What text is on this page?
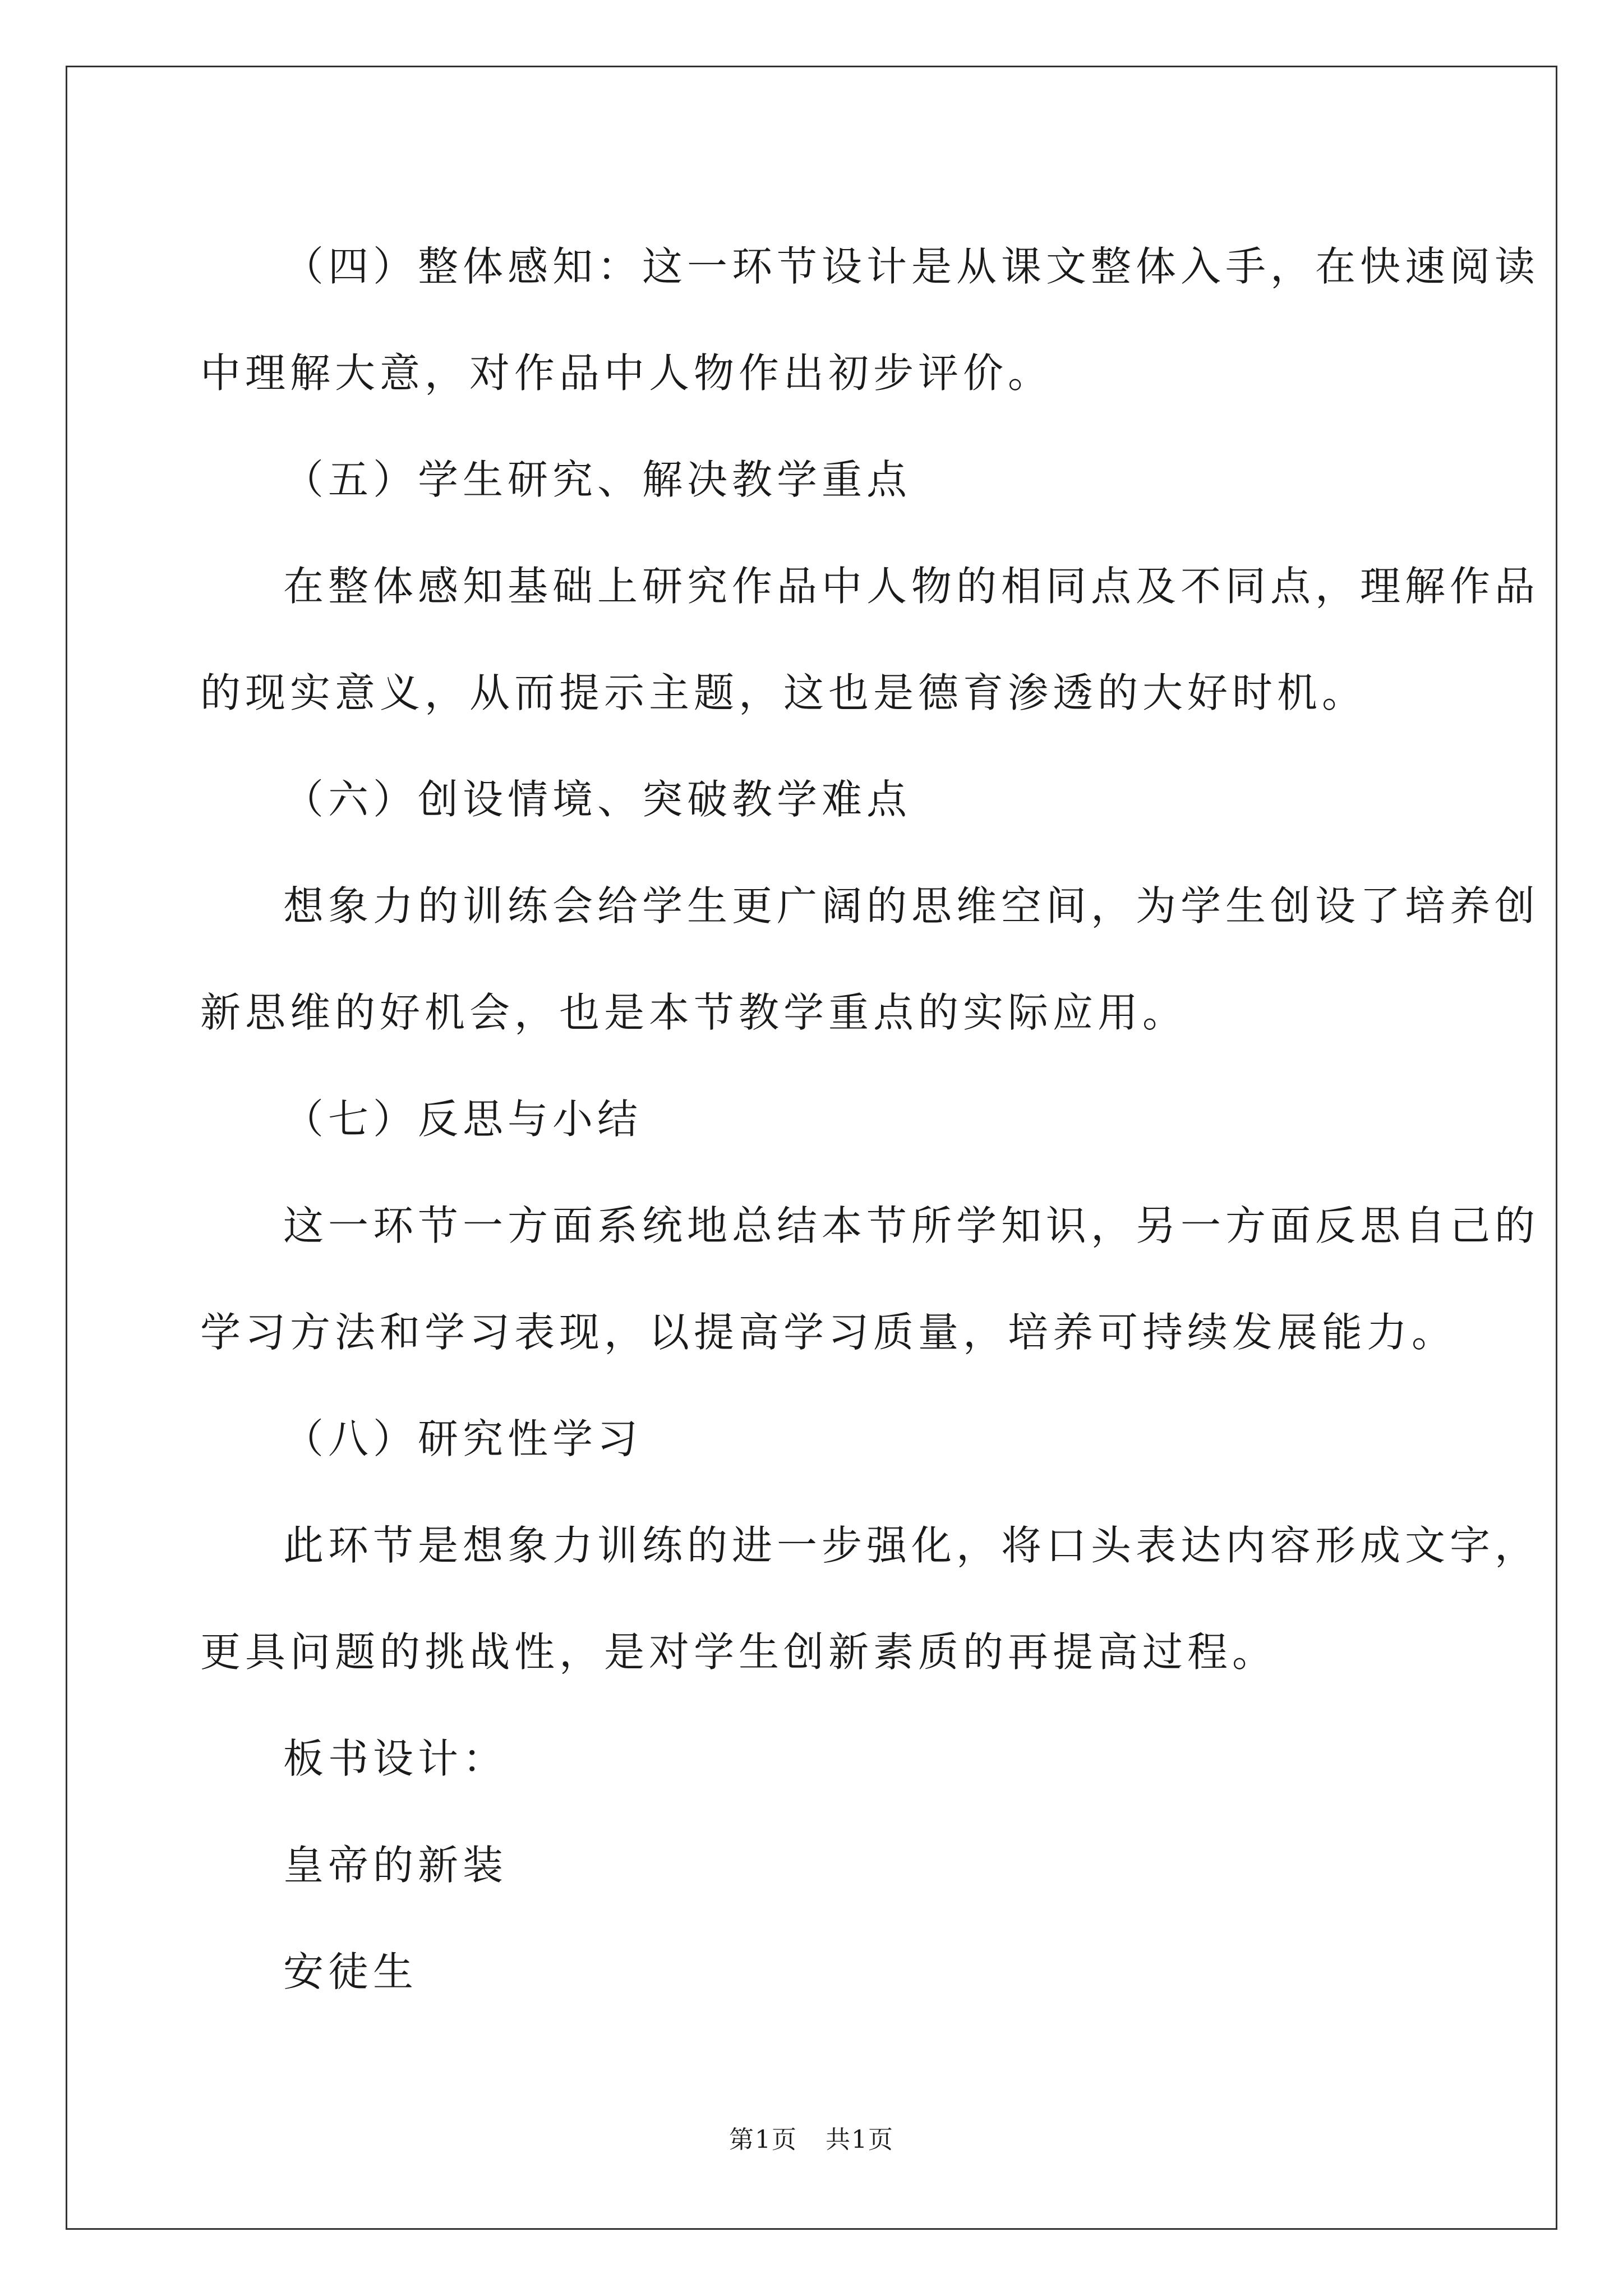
（四）整体感知：这一环节设计是从课文整体入手，在快速阅读

中理解大意，对作品中人物作出初步评价。

（五）学生研究、解决教学重点

在整体感知基础上研究作品中人物的相同点及不同点，理解作品

的现实意义，从而提示主题，这也是德育渗透的大好时机。

（六）创设情境、突破教学难点

想象力的训练会给学生更广阔的思维空间，为学生创设了培养创

新思维的好机会，也是本节教学重点的实际应用。

（七）反思与小结

这一环节一方面系统地总结本节所学知识，另一方面反思自己的

学习方法和学习表现，以提高学习质量，培养可持续发展能力。

（八）研究性学习

此环节是想象力训练的进一步强化，将口头表达内容形成文字，

更具问题的挑战性，是对学生创新素质的再提高过程。

板书设计：

皇帝的新装

安徒生

第1页 共1页
